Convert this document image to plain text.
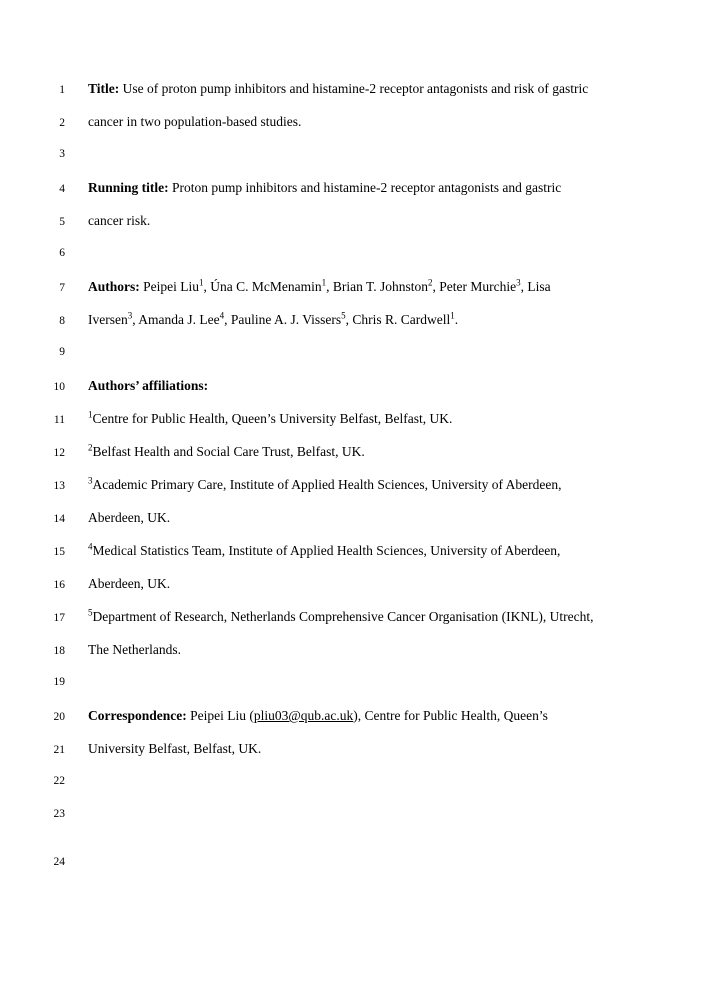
1 Title: Use of proton pump inhibitors and histamine-2 receptor antagonists and risk of gastric
2 cancer in two population-based studies.
3
4 Running title: Proton pump inhibitors and histamine-2 receptor antagonists and gastric
5 cancer risk.
6
7 Authors: Peipei Liu$^1$, Úna C. McMenamin$^1$, Brian T. Johnston$^2$, Peter Murchie$^3$, Lisa
8 Iversen$^3$, Amanda J. Lee$^4$, Pauline A. J. Vissers$^5$, Chris R. Cardwell$^1$.
9
10 Authors’ affiliations:
11	$^1$Centre for Public Health, Queen’s University Belfast, Belfast, UK.
12	$^2$Belfast Health and Social Care Trust, Belfast, UK.
13	$^3$Academic Primary Care, Institute of Applied Health Sciences, University of Aberdeen,
14 Aberdeen, UK.
15	$^4$Medical Statistics Team, Institute of Applied Health Sciences, University of Aberdeen,
16 Aberdeen, UK.
17	$^5$Department of Research, Netherlands Comprehensive Cancer Organisation (IKNL), Utrecht,
18 The Netherlands.
19
20 Correspondence: Peipei Liu (pliu03@qub.ac.uk), Centre for Public Health, Queen’s
21 University Belfast, Belfast, UK.
22
23
24
